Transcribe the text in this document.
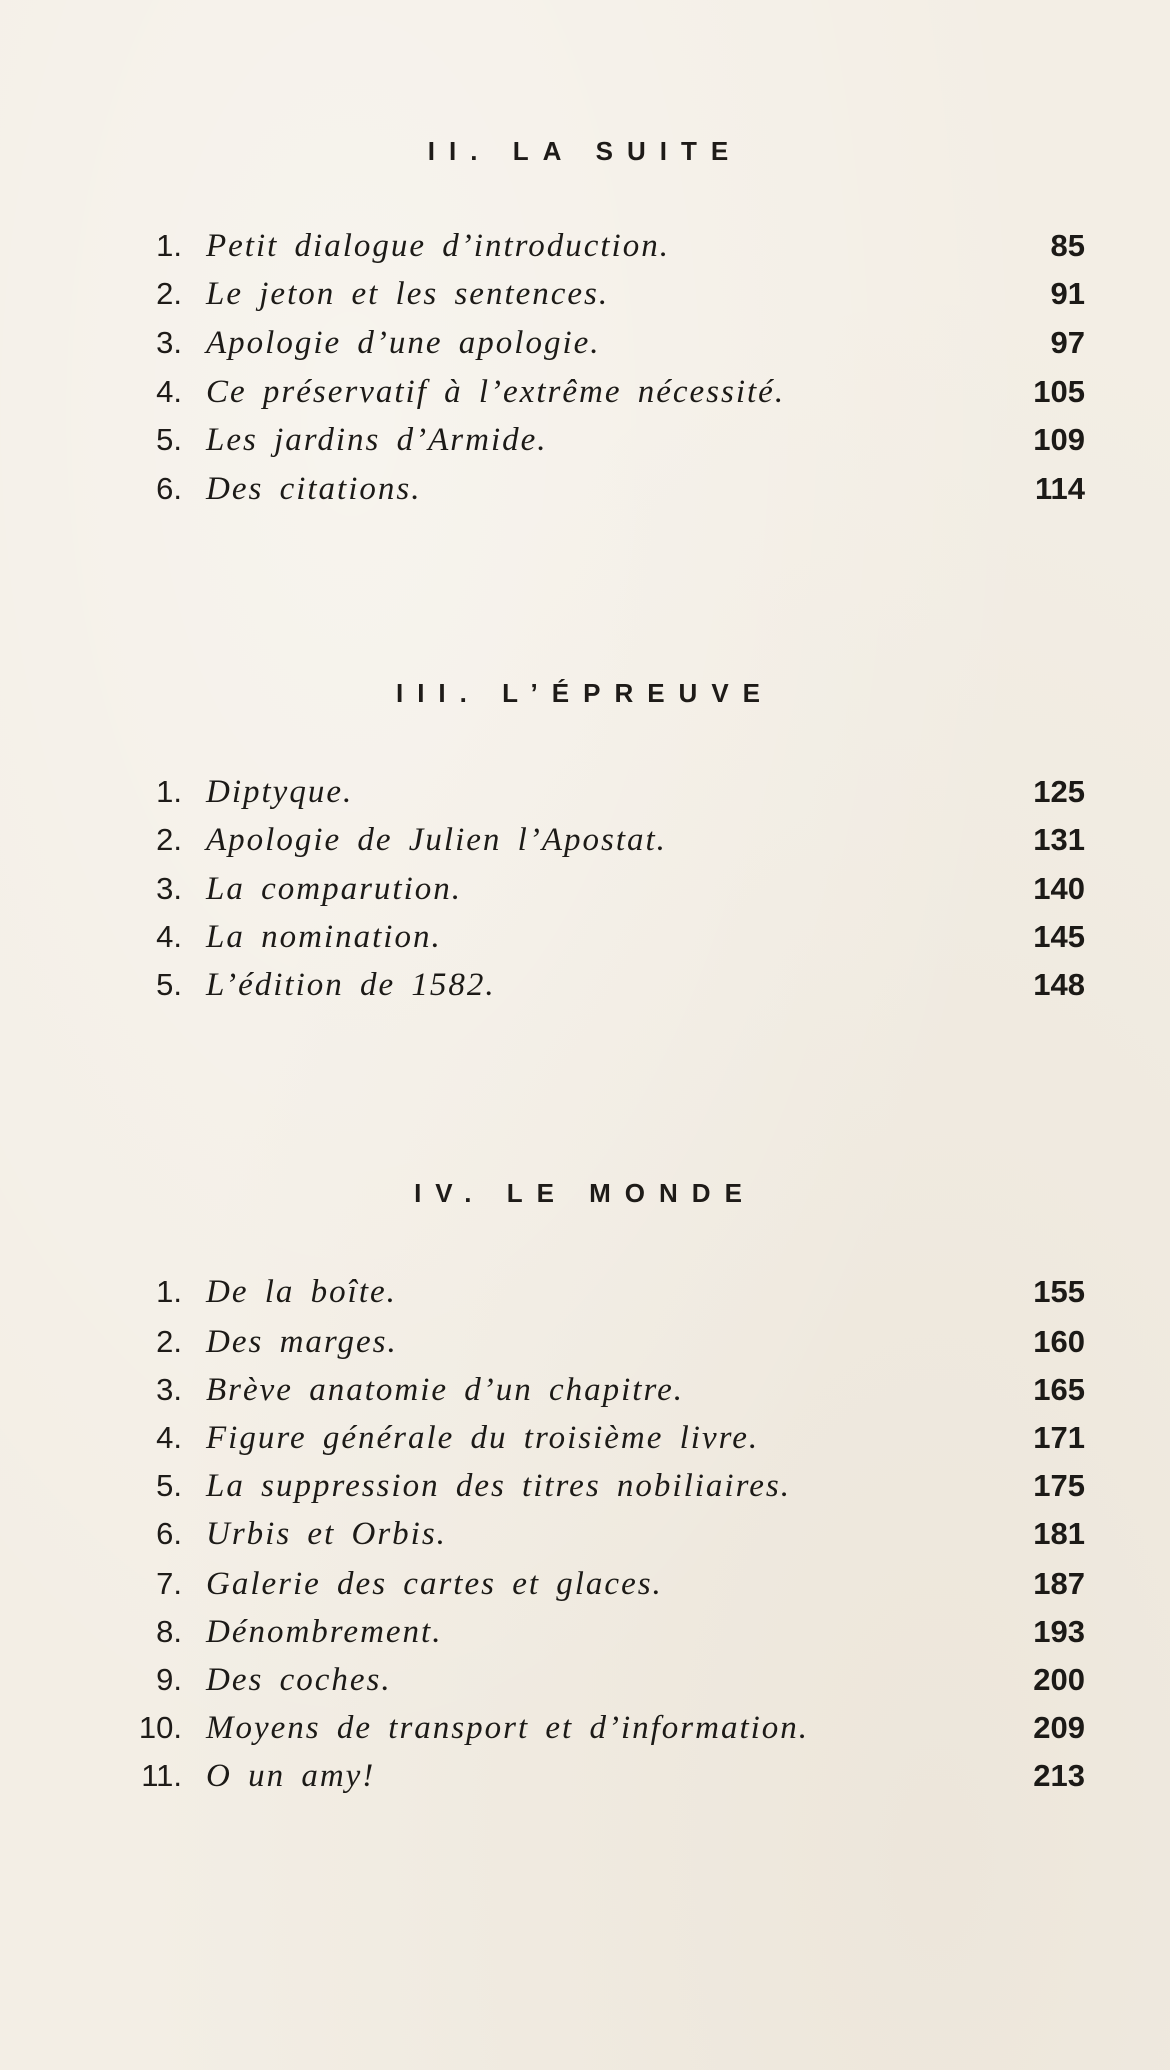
II. LA SUITE
1. Petit dialogue d’introduction.	85
2. Le jeton et les sentences.	91
3. Apologie d’une apologie.	97
4. Ce préservatif à l’extrême nécessité.	105
5. Les jardins d’Armide.	109
6. Des citations.	114
III. L’ÉPREUVE
1. Diptyque.	125
2. Apologie de Julien l’Apostat.	131
3. La comparution.	140
4. La nomination.	145
5. L’édition de 1582.	148
IV. LE MONDE
1. De la boîte.	155
2. Des marges.	160
3. Brève anatomie d’un chapitre.	165
4. Figure générale du troisième livre.	171
5. La suppression des titres nobiliaires.	175
6. Urbis et Orbis.	181
7. Galerie des cartes et glaces.	187
8. Dénombrement.	193
9. Des coches.	200
10. Moyens de transport et d’information.	209
11. O un amy!	213
